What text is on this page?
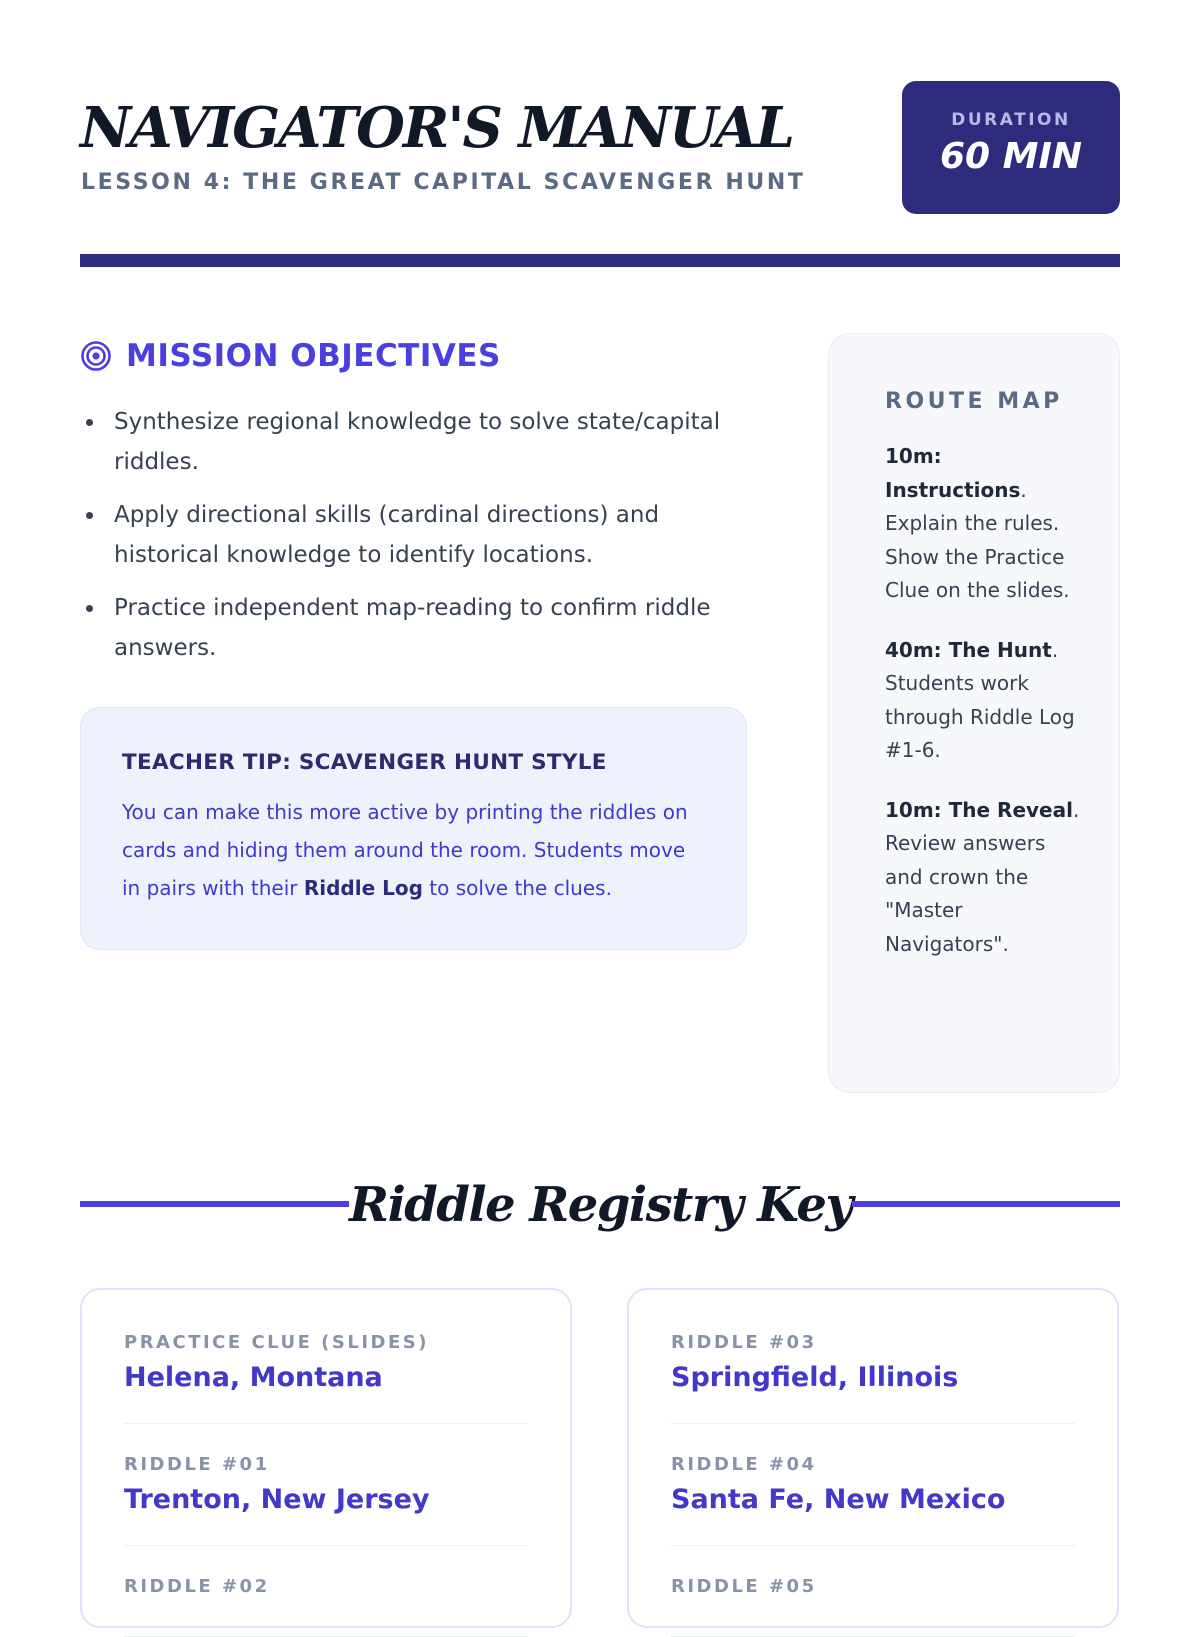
NAVIGATOR'S MANUAL
LESSON 4: THE GREAT CAPITAL SCAVENGER HUNT
DURATION
60 MIN
MISSION OBJECTIVES
Synthesize regional knowledge to solve state/capital riddles.
Apply directional skills (cardinal directions) and historical knowledge to identify locations.
Practice independent map-reading to confirm riddle answers.
TEACHER TIP: SCAVENGER HUNT STYLE
You can make this more active by printing the riddles on cards and hiding them around the room. Students move in pairs with their Riddle Log to solve the clues.
ROUTE MAP
10m: Instructions. Explain the rules. Show the Practice Clue on the slides.
40m: The Hunt. Students work through Riddle Log #1-6.
10m: The Reveal. Review answers and crown the "Master Navigators".
Riddle Registry Key
PRACTICE CLUE (SLIDES)
Helena, Montana
RIDDLE #01
Trenton, New Jersey
RIDDLE #02
RIDDLE #03
Springfield, Illinois
RIDDLE #04
Santa Fe, New Mexico
RIDDLE #05
